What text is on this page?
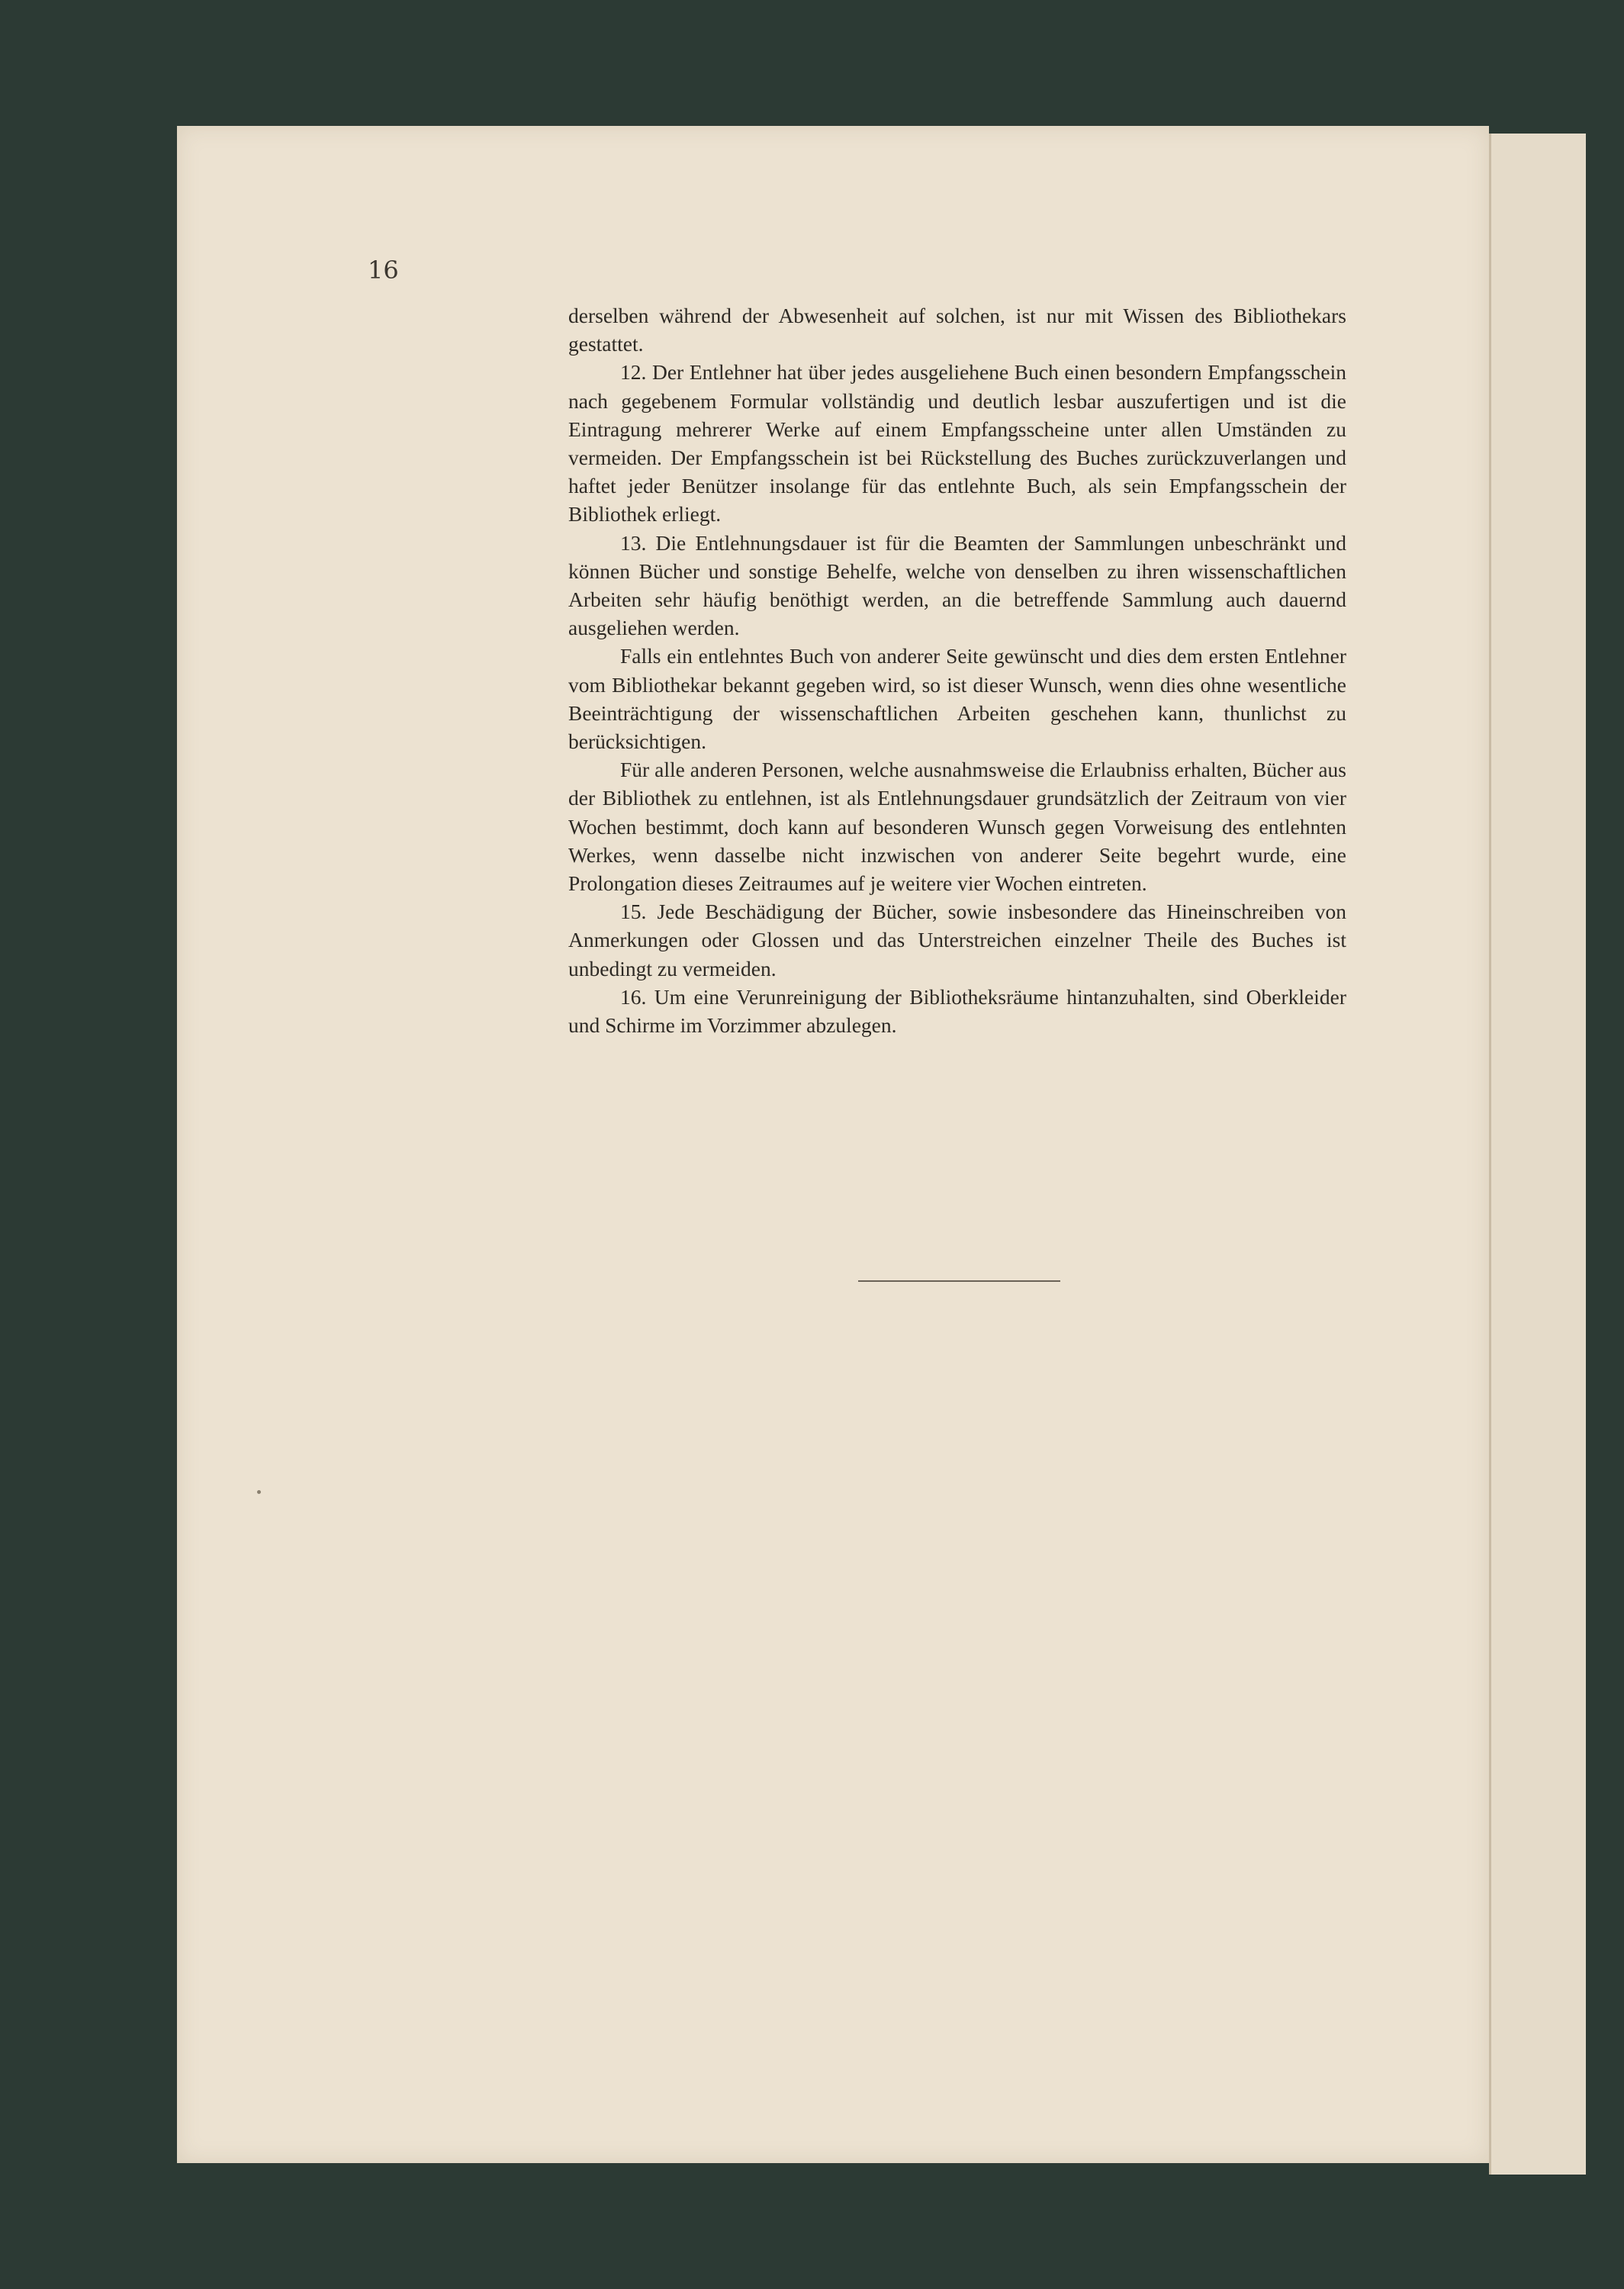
16

derselben während der Abwesenheit auf solchen, ist nur mit Wissen des Bibliothekars gestattet.

12. Der Entlehner hat über jedes ausgeliehene Buch einen besondern Empfangsschein nach gegebenem Formular vollständig und deutlich lesbar auszufertigen und ist die Eintragung mehrerer Werke auf einem Empfangsscheine unter allen Umständen zu vermeiden. Der Empfangsschein ist bei Rückstellung des Buches zurückzuverlangen und haftet jeder Benützer insolange für das entlehnte Buch, als sein Empfangsschein der Bibliothek erliegt.

13. Die Entlehnungsdauer ist für die Beamten der Sammlungen unbeschränkt und können Bücher und sonstige Behelfe, welche von denselben zu ihren wissenschaftlichen Arbeiten sehr häufig benöthigt werden, an die betreffende Sammlung auch dauernd ausgeliehen werden.

Falls ein entlehntes Buch von anderer Seite gewünscht und dies dem ersten Entlehner vom Bibliothekar bekannt gegeben wird, so ist dieser Wunsch, wenn dies ohne wesentliche Beeinträchtigung der wissenschaftlichen Arbeiten geschehen kann, thunlichst zu berücksichtigen.

Für alle anderen Personen, welche ausnahmsweise die Erlaubniss erhalten, Bücher aus der Bibliothek zu entlehnen, ist als Entlehnungsdauer grundsätzlich der Zeitraum von vier Wochen bestimmt, doch kann auf besonderen Wunsch gegen Vorweisung des entlehnten Werkes, wenn dasselbe nicht inzwischen von anderer Seite begehrt wurde, eine Prolongation dieses Zeitraumes auf je weitere vier Wochen eintreten.

15. Jede Beschädigung der Bücher, sowie insbesondere das Hineinschreiben von Anmerkungen oder Glossen und das Unterstreichen einzelner Theile des Buches ist unbedingt zu vermeiden.

16. Um eine Verunreinigung der Bibliotheksräume hintanzuhalten, sind Oberkleider und Schirme im Vorzimmer abzulegen.
